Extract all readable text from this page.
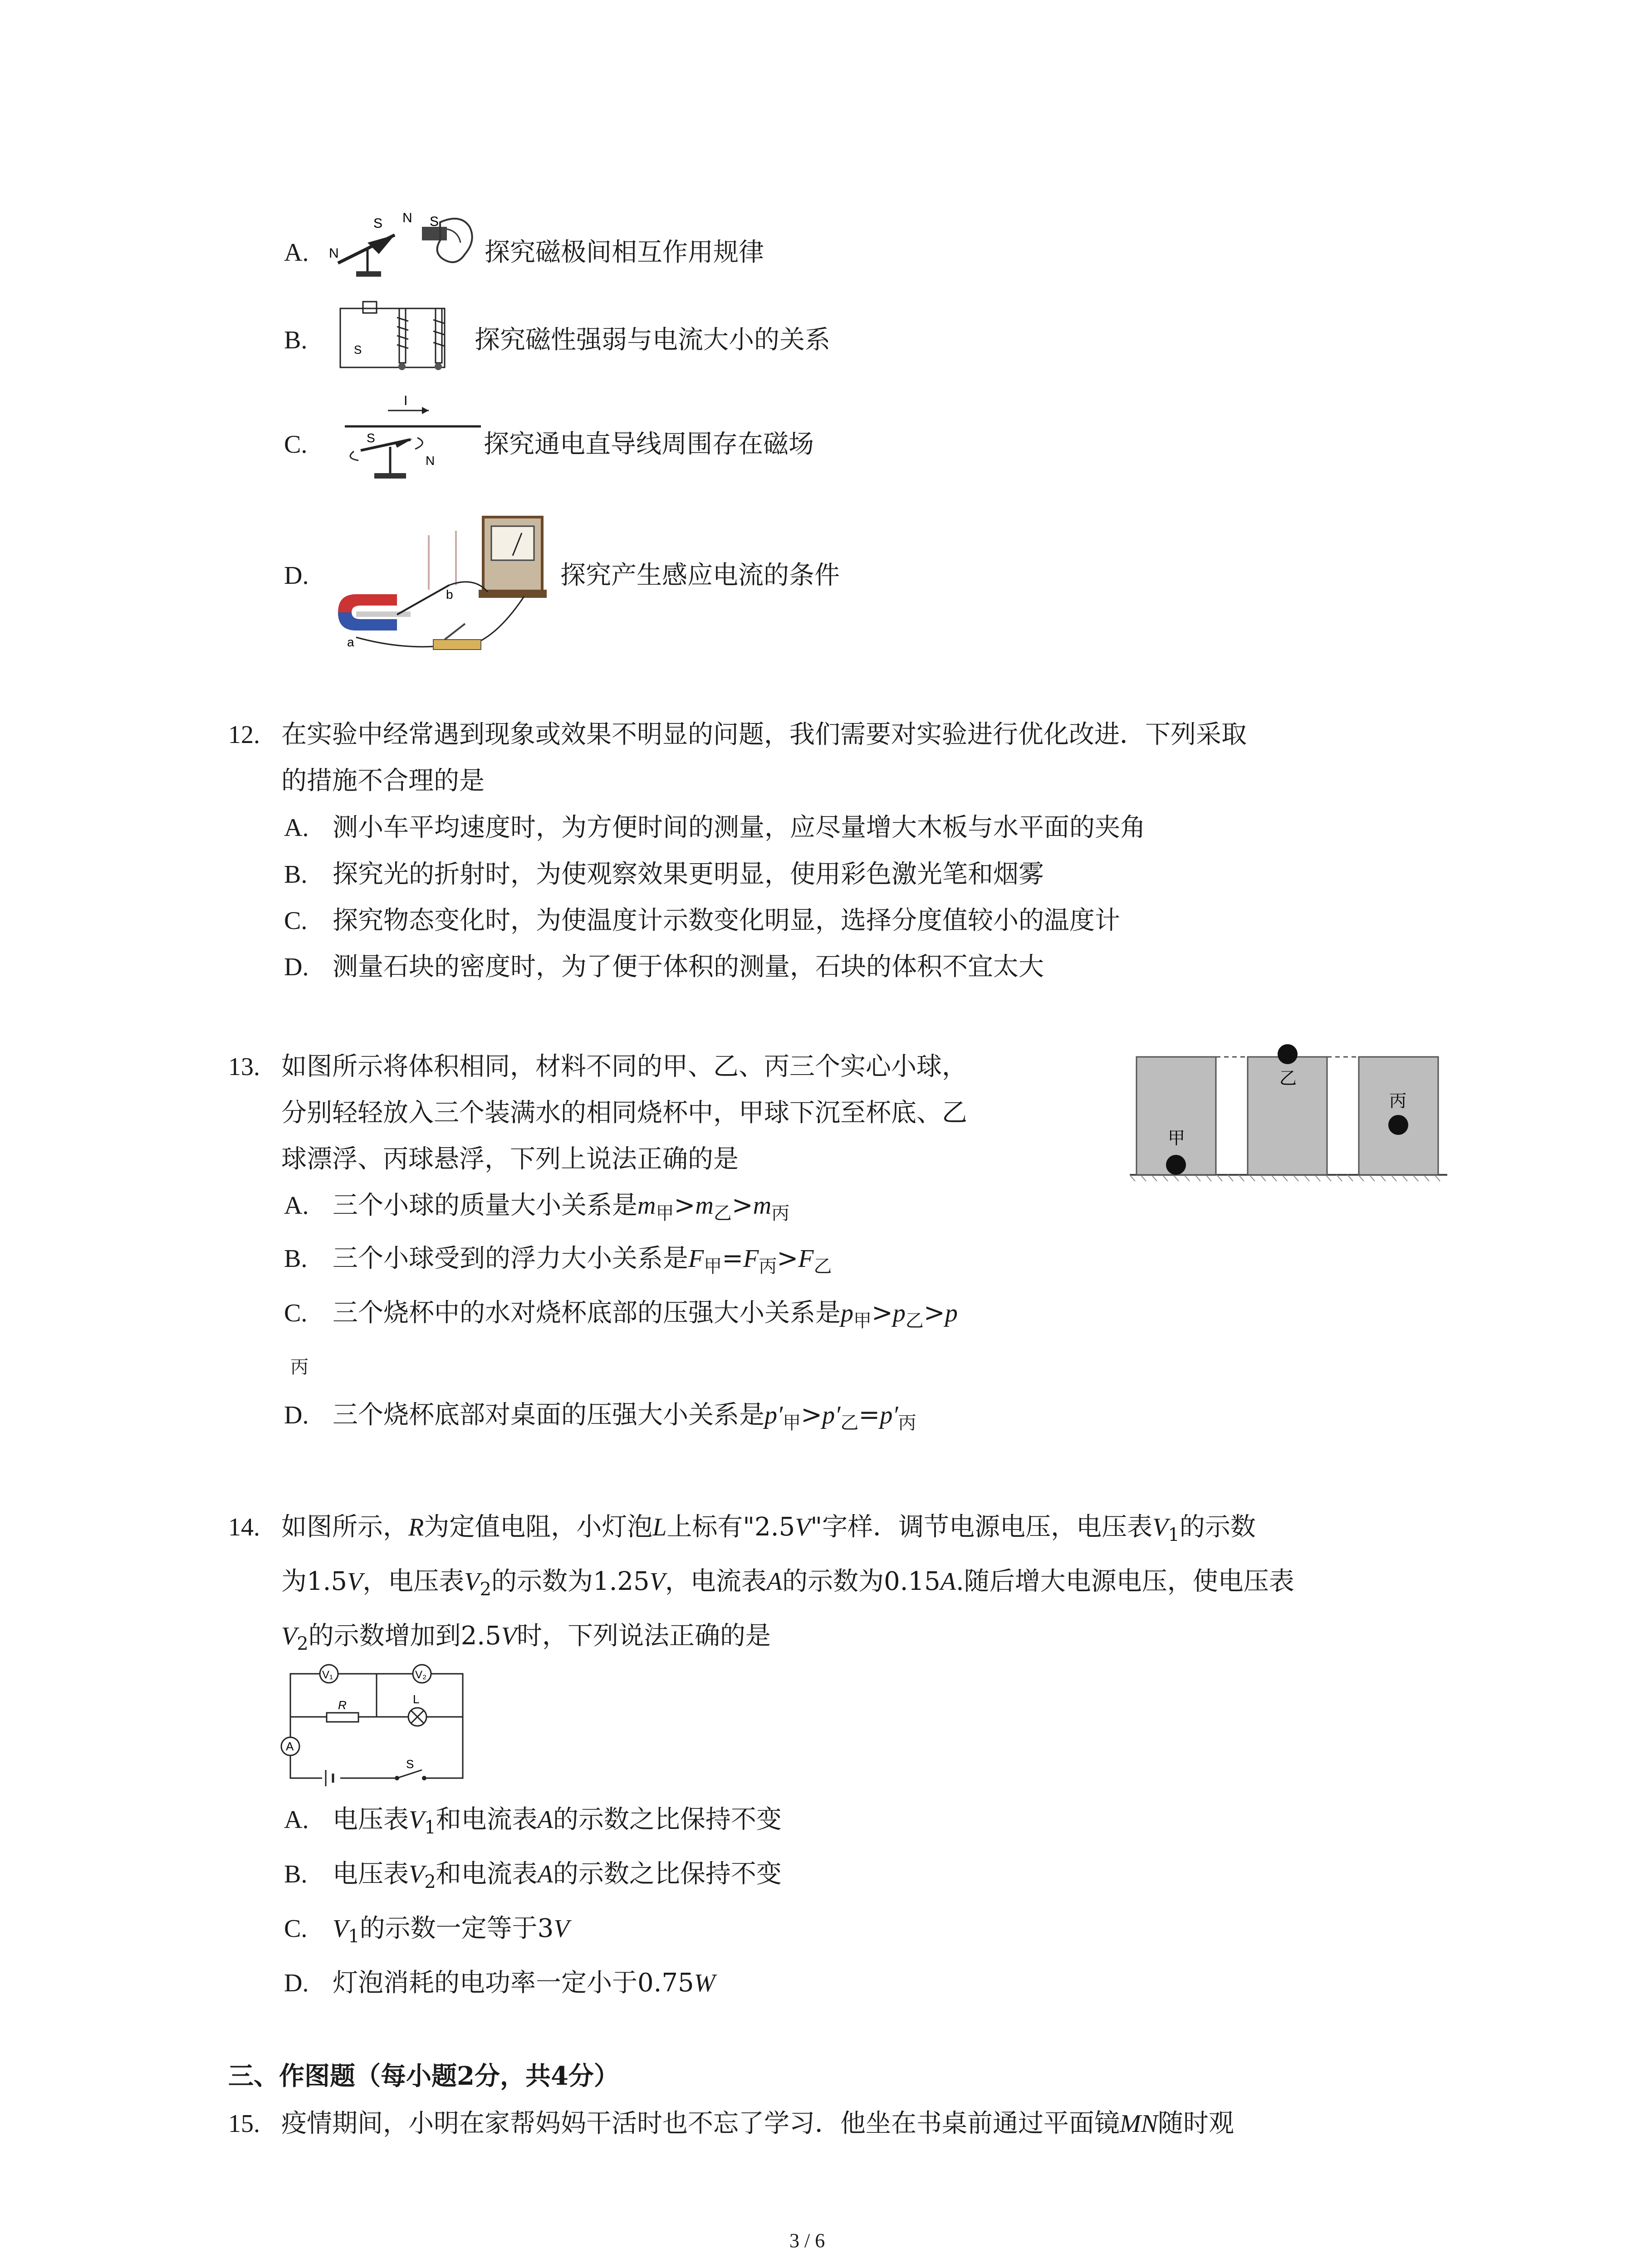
A. N
S N S
探究磁极间相互作用规律
B.	S	探究磁性强弱与电流大小的关系
C.
I
S
N
探究通电直导线周围存在磁场
D.
a
b
探究产生感应电流的条件
12. 在实验中经常遇到现象或效果不明显的问题，我们需要对实验进行优化改进．下列采取
的措施不合理的是
A. 测小车平均速度时，为方便时间的测量，应尽量增大木板与水平面的夹角
B. 探究光的折射时，为使观察效果更明显，使用彩色激光笔和烟雾
C. 探究物态变化时，为使温度计示数变化明显，选择分度值较小的温度计
D. 测量石块的密度时，为了便于体积的测量，石块的体积不宜太大
13. 如图所示将体积相同，材料不同的甲、乙、丙三个实心小球，
分别轻轻放入三个装满水的相同烧杯中，甲球下沉至杯底、乙
球漂浮、丙球悬浮，下列上说法正确的是
甲
乙
丙
A. 三个小球的质量大小关系是$m_甲>m_乙>m_丙$
B. 三个小球受到的浮力大小关系是$F_甲=F_丙>F_乙$
C. 三个烧杯中的水对烧杯底部的压强大小关系是$p_甲>p_乙>p$
丙
D. 三个烧杯底部对桌面的压强大小关系是$p'_甲>p'_乙=p'_丙$
14. 如图所示，R为定值电阻，小灯泡L上标有"2.5V"字样．调节电源电压，电压表$V_1$的示数
为1.5V，电压表$V_2$的示数为1.25V，电流表A的示数为0.15A.随后增大电源电压，使电压表
$V_2$的示数增加到2.5V时，下列说法正确的是
V₁	V₂
R	L
A
S
A. 电压表$V_1$和电流表A的示数之比保持不变
B. 电压表$V_2$和电流表A的示数之比保持不变
C. $V_1$的示数一定等于3V
D. 灯泡消耗的电功率一定小于0.75W
三、作图题（每小题2分，共4分）
15. 疫情期间，小明在家帮妈妈干活时也不忘了学习．他坐在书桌前通过平面镜MN随时观
3 / 6
